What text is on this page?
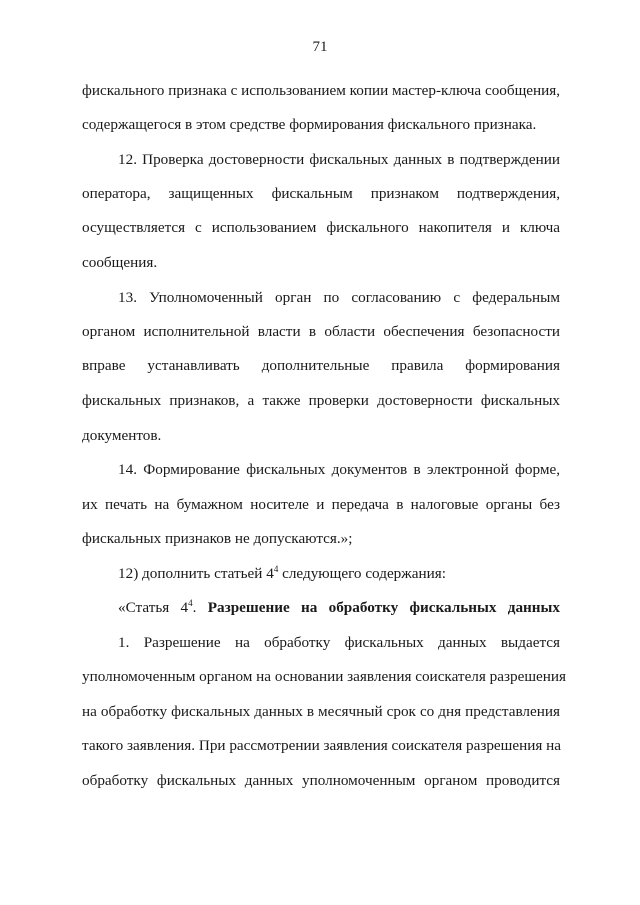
71
фискального признака с использованием копии мастер-ключа сообщения,
содержащегося в этом средстве формирования фискального признака.
12. Проверка достоверности фискальных данных в подтверждении
оператора, защищенных фискальным признаком подтверждения,
осуществляется с использованием фискального накопителя и ключа
сообщения.
13. Уполномоченный орган по согласованию с федеральным
органом исполнительной власти в области обеспечения безопасности
вправе устанавливать дополнительные правила формирования
фискальных признаков, а также проверки достоверности фискальных
документов.
14. Формирование фискальных документов в электронной форме,
их печать на бумажном носителе и передача в налоговые органы без
фискальных признаков не допускаются.»;
12) дополнить статьей $4^4$ следующего содержания:
«Статья $4^4$. Разрешение на обработку фискальных данных
1. Разрешение на обработку фискальных данных выдается
уполномоченным органом на основании заявления соискателя разрешения
на обработку фискальных данных в месячный срок со дня представления
такого заявления. При рассмотрении заявления соискателя разрешения на
обработку фискальных данных уполномоченным органом проводится
